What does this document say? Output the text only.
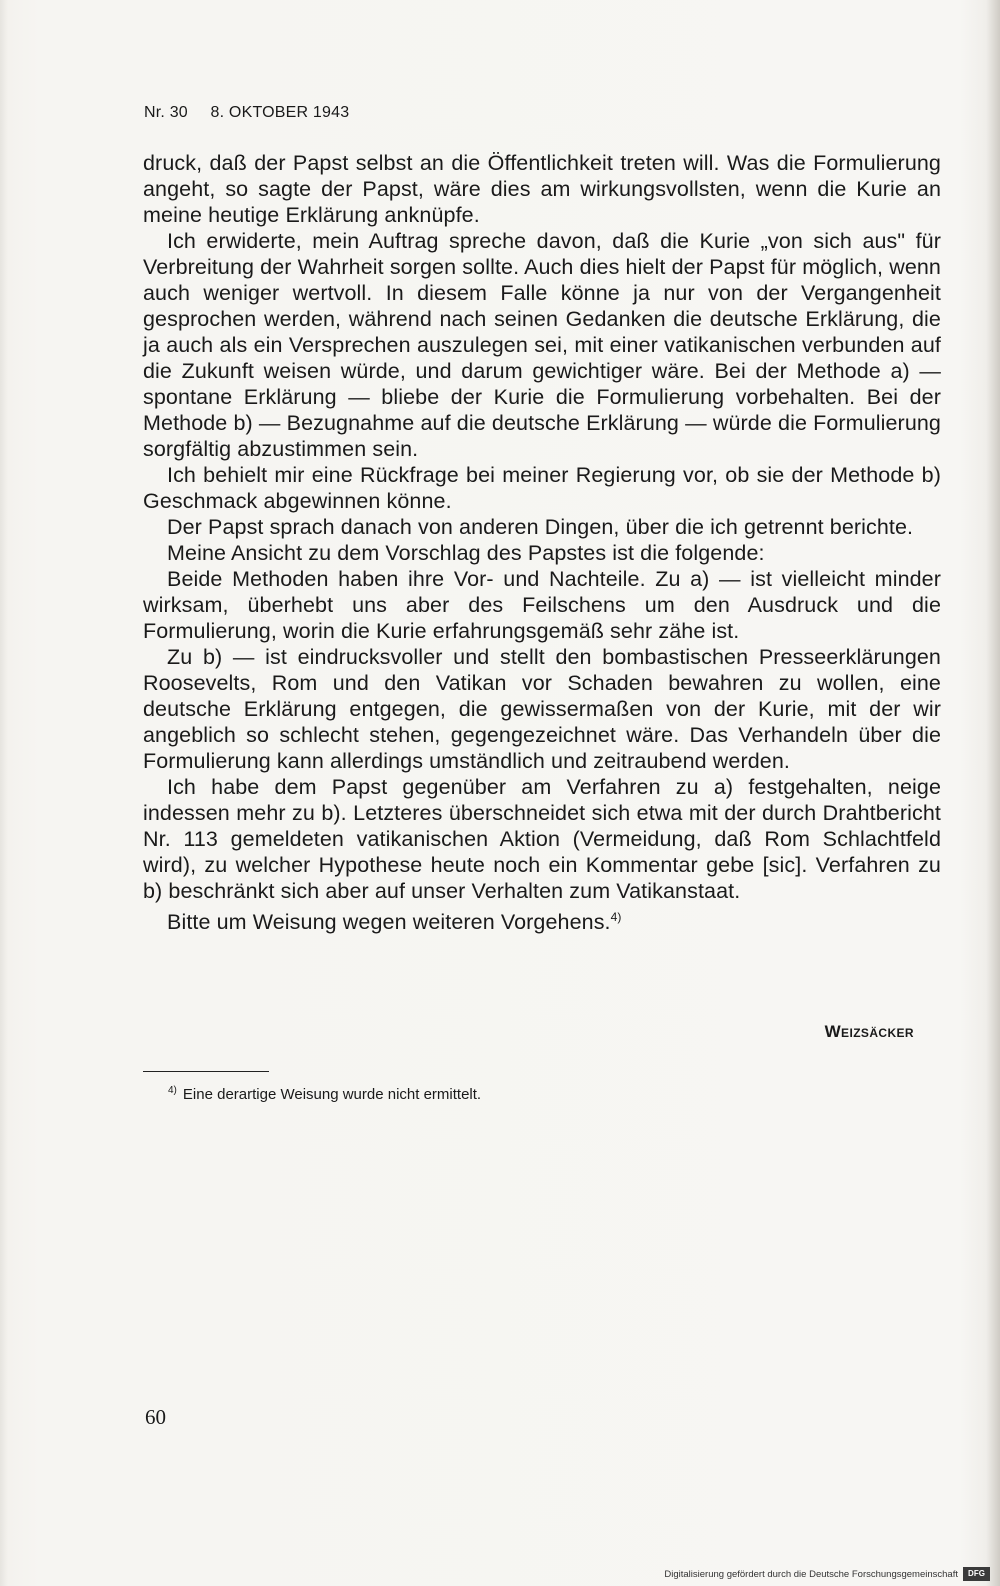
Nr. 30 8. OKTOBER 1943

druck, daß der Papst selbst an die Öffentlichkeit treten will. Was die Formulierung angeht, so sagte der Papst, wäre dies am wirkungsvollsten, wenn die Kurie an meine heutige Erklärung anknüpfe.

Ich erwiderte, mein Auftrag spreche davon, daß die Kurie „von sich aus" für Verbreitung der Wahrheit sorgen sollte. Auch dies hielt der Papst für möglich, wenn auch weniger wertvoll. In diesem Falle könne ja nur von der Vergangenheit gesprochen werden, während nach seinen Gedanken die deutsche Erklärung, die ja auch als ein Versprechen auszulegen sei, mit einer vatikanischen verbunden auf die Zukunft weisen würde, und darum gewichtiger wäre. Bei der Methode a) — spontane Erklärung — bliebe der Kurie die Formulierung vorbehalten. Bei der Methode b) — Bezugnahme auf die deutsche Erklärung — würde die Formulierung sorgfältig abzustimmen sein.

Ich behielt mir eine Rückfrage bei meiner Regierung vor, ob sie der Methode b) Geschmack abgewinnen könne.

Der Papst sprach danach von anderen Dingen, über die ich getrennt berichte.

Meine Ansicht zu dem Vorschlag des Papstes ist die folgende:

Beide Methoden haben ihre Vor- und Nachteile. Zu a) — ist vielleicht minder wirksam, überhebt uns aber des Feilschens um den Ausdruck und die Formulierung, worin die Kurie erfahrungsgemäß sehr zähe ist.

Zu b) — ist eindrucksvoller und stellt den bombastischen Presseerklärungen Roosevelts, Rom und den Vatikan vor Schaden bewahren zu wollen, eine deutsche Erklärung entgegen, die gewissermaßen von der Kurie, mit der wir angeblich so schlecht stehen, gegengezeichnet wäre. Das Verhandeln über die Formulierung kann allerdings umständlich und zeitraubend werden.

Ich habe dem Papst gegenüber am Verfahren zu a) festgehalten, neige indessen mehr zu b). Letzteres überschneidet sich etwa mit der durch Drahtbericht Nr. 113 gemeldeten vatikanischen Aktion (Vermeidung, daß Rom Schlachtfeld wird), zu welcher Hypothese heute noch ein Kommentar gebe [sic]. Verfahren zu b) beschränkt sich aber auf unser Verhalten zum Vatikanstaat.

Bitte um Weisung wegen weiteren Vorgehens.$^{4)}$

Weizsäcker
$^{4)}$ Eine derartige Weisung wurde nicht ermittelt.
60
Digitalisierung gefördert durch die Deutsche Forschungsgemeinschaft	DFG
